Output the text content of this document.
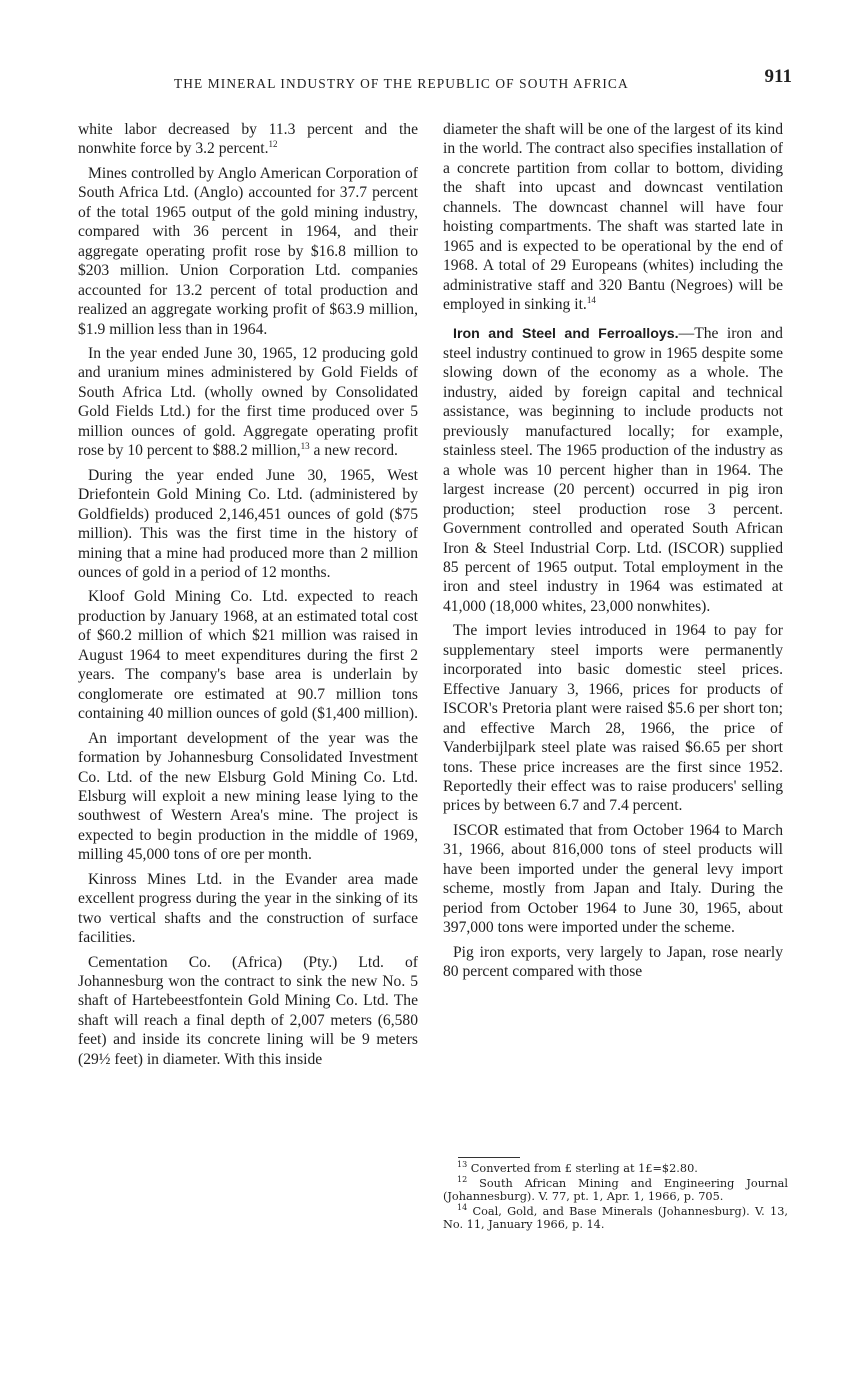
THE MINERAL INDUSTRY OF THE REPUBLIC OF SOUTH AFRICA	911

white labor decreased by 11.3 percent and the nonwhite force by 3.2 percent.$^{12}$

Mines controlled by Anglo American Corporation of South Africa Ltd. (Anglo) accounted for 37.7 percent of the total 1965 output of the gold mining industry, compared with 36 percent in 1964, and their aggregate operating profit rose by $16.8 million to $203 million. Union Corporation Ltd. companies accounted for 13.2 percent of total production and realized an aggregate working profit of $63.9 million, $1.9 million less than in 1964.

In the year ended June 30, 1965, 12 producing gold and uranium mines administered by Gold Fields of South Africa Ltd. (wholly owned by Consolidated Gold Fields Ltd.) for the first time produced over 5 million ounces of gold. Aggregate operating profit rose by 10 percent to $88.2 million,$^{13}$ a new record.

During the year ended June 30, 1965, West Driefontein Gold Mining Co. Ltd. (administered by Goldfields) produced 2,146,451 ounces of gold ($75 million). This was the first time in the history of mining that a mine had produced more than 2 million ounces of gold in a period of 12 months.

Kloof Gold Mining Co. Ltd. expected to reach production by January 1968, at an estimated total cost of $60.2 million of which $21 million was raised in August 1964 to meet expenditures during the first 2 years. The company's base area is underlain by conglomerate ore estimated at 90.7 million tons containing 40 million ounces of gold ($1,400 million).

An important development of the year was the formation by Johannesburg Consolidated Investment Co. Ltd. of the new Elsburg Gold Mining Co. Ltd. Elsburg will exploit a new mining lease lying to the southwest of Western Area's mine. The project is expected to begin production in the middle of 1969, milling 45,000 tons of ore per month.

Kinross Mines Ltd. in the Evander area made excellent progress during the year in the sinking of its two vertical shafts and the construction of surface facilities.

Cementation Co. (Africa) (Pty.) Ltd. of Johannesburg won the contract to sink the new No. 5 shaft of Hartebeestfontein Gold Mining Co. Ltd. The shaft will reach a final depth of 2,007 meters (6,580 feet) and inside its concrete lining will be 9 meters (29½ feet) in diameter. With this inside

diameter the shaft will be one of the largest of its kind in the world. The contract also specifies installation of a concrete partition from collar to bottom, dividing the shaft into upcast and downcast ventilation channels. The downcast channel will have four hoisting compartments. The shaft was started late in 1965 and is expected to be operational by the end of 1968. A total of 29 Europeans (whites) including the administrative staff and 320 Bantu (Negroes) will be employed in sinking it.$^{14}$

Iron and Steel and Ferroalloys.—The iron and steel industry continued to grow in 1965 despite some slowing down of the economy as a whole. The industry, aided by foreign capital and technical assistance, was beginning to include products not previously manufactured locally; for example, stainless steel. The 1965 production of the industry as a whole was 10 percent higher than in 1964. The largest increase (20 percent) occurred in pig iron production; steel production rose 3 percent. Government controlled and operated South African Iron & Steel Industrial Corp. Ltd. (ISCOR) supplied 85 percent of 1965 output. Total employment in the iron and steel industry in 1964 was estimated at 41,000 (18,000 whites, 23,000 nonwhites).

The import levies introduced in 1964 to pay for supplementary steel imports were permanently incorporated into basic domestic steel prices. Effective January 3, 1966, prices for products of ISCOR's Pretoria plant were raised $5.6 per short ton; and effective March 28, 1966, the price of Vanderbijlpark steel plate was raised $6.65 per short tons. These price increases are the first since 1952. Reportedly their effect was to raise producers' selling prices by between 6.7 and 7.4 percent.

ISCOR estimated that from October 1964 to March 31, 1966, about 816,000 tons of steel products will have been imported under the general levy import scheme, mostly from Japan and Italy. During the period from October 1964 to June 30, 1965, about 397,000 tons were imported under the scheme.

Pig iron exports, very largely to Japan, rose nearly 80 percent compared with those

$^{13}$ Converted from £ sterling at 1£=$2.80.

$^{12}$ South African Mining and Engineering Journal (Johannesburg). V. 77, pt. 1, Apr. 1, 1966, p. 705.

$^{14}$ Coal, Gold, and Base Minerals (Johannesburg). V. 13, No. 11, January 1966, p. 14.
